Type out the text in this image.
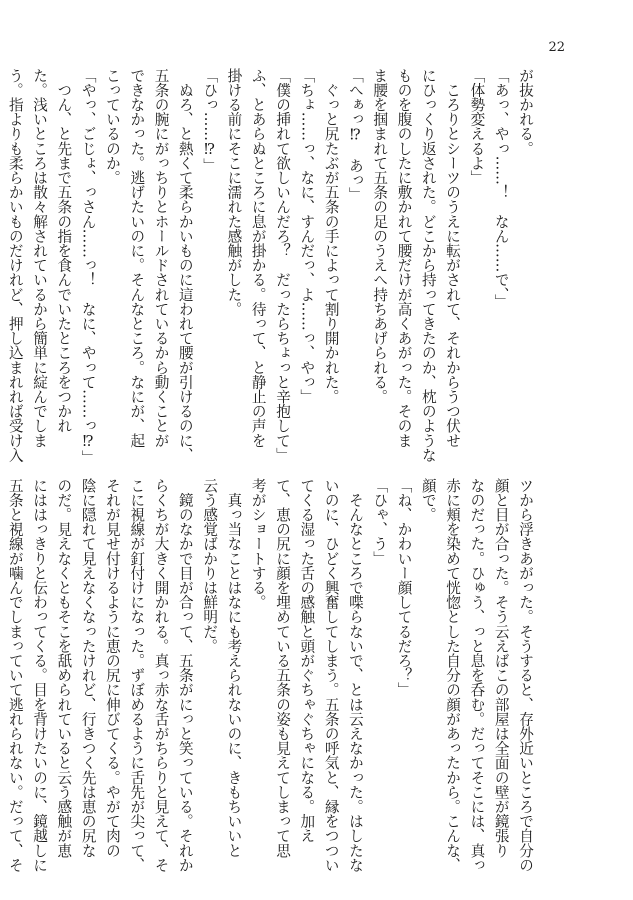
22
が抜かれる。
「あっ、やっ……！　なん……で、」
「体勢変えるよ」
　ころりとシーツのうえに転がされて、それからうつ伏せ
にひっくり返された。どこから持ってきたのか、枕のような
ものを腹のしたに敷かれて腰だけが高くあがった。そのま
ま腰を掴まれて五条の足のうえへ持ちあげられる。
「へぁっ⁉　あっ」
　ぐっと尻たぶが五条の手によって割り開かれた。
「ちょ……っ、なに、すんだっ、よ……っ、やっ」
「僕の挿れて欲しいんだろ？　だったらちょっと辛抱して」
ふ、とあらぬところに息が掛かる。待って、と静止の声を
掛ける前にそこに濡れた感触がした。
「ひっ……⁉」
　ぬろ、と熱くて柔らかいものに這われて腰が引けるのに、
五条の腕にがっちりとホールドされているから動くことが
できなかった。逃げたいのに。そんなところ。なにが、起
こっているのか。
「やっ、ごじょ、っさん……っ！　なに、やって……っ⁉」
　つん、と先まで五条の指を食んでいたところをつかれ
た。浅いところは散々解されているから簡単に綻んでしま
う。指よりも柔らかいものだけれど、押し込まれれば受け入
ツから浮きあがった。そうすると、存外近いところで自分の
顔と目が合った。そう云えばこの部屋は全面の壁が鏡張り
なのだった。ひゅう、っと息を呑む。だってそこには、真っ
赤に頬を染めて恍惚とした自分の顔があったから。こんな、
顔で。
「ね、かわいー顔してるだろ？」
「ひゃ、う」
　そんなところで喋らないで、とは云えなかった。はしたな
いのに、ひどく興奮してしまう。五条の呼気と、縁をつつい
てくる湿った舌の感触と頭がぐちゃぐちゃになる。加え
て、恵の尻に顔を埋めている五条の姿も見えてしまって思
考がショートする。
　真っ当なことはなにも考えられないのに、きもちいいと
云う感覚ばかりは鮮明だ。
　鏡のなかで目が合って、五条がにっと笑っている。それか
らくちが大きく開かれる。真っ赤な舌がちらりと見えて、そ
こに視線が釘付けになった。ずぼめるように舌先が尖って、
それが見せ付けるように恵の尻に伸びてくる。やがて肉の
陰に隠れて見えなくなったけれど、行きつく先は恵の尻な
のだ。見えなくともそこを舐められていると云う感触が恵
にははっきりと伝わってくる。目を背けたいのに、鏡越しに
五条と視線が噛んでしまっていて逃れられない。だって、そ
